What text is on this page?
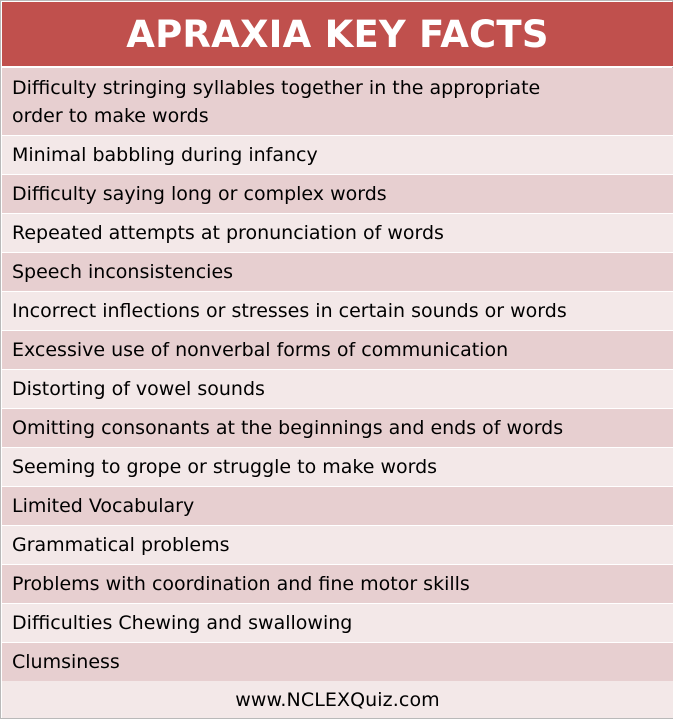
APRAXIA KEY FACTS
Difficulty stringing syllables together in the appropriate order to make words
Minimal babbling during infancy
Difficulty saying long or complex words
Repeated attempts at pronunciation of words
Speech inconsistencies
Incorrect inflections or stresses in certain sounds or words
Excessive use of nonverbal forms of communication
Distorting of vowel sounds
Omitting consonants at the beginnings and ends of words
Seeming to grope or struggle to make words
Limited Vocabulary
Grammatical problems
Problems with coordination and fine motor skills
Difficulties Chewing and swallowing
Clumsiness
www.NCLEXQuiz.com
